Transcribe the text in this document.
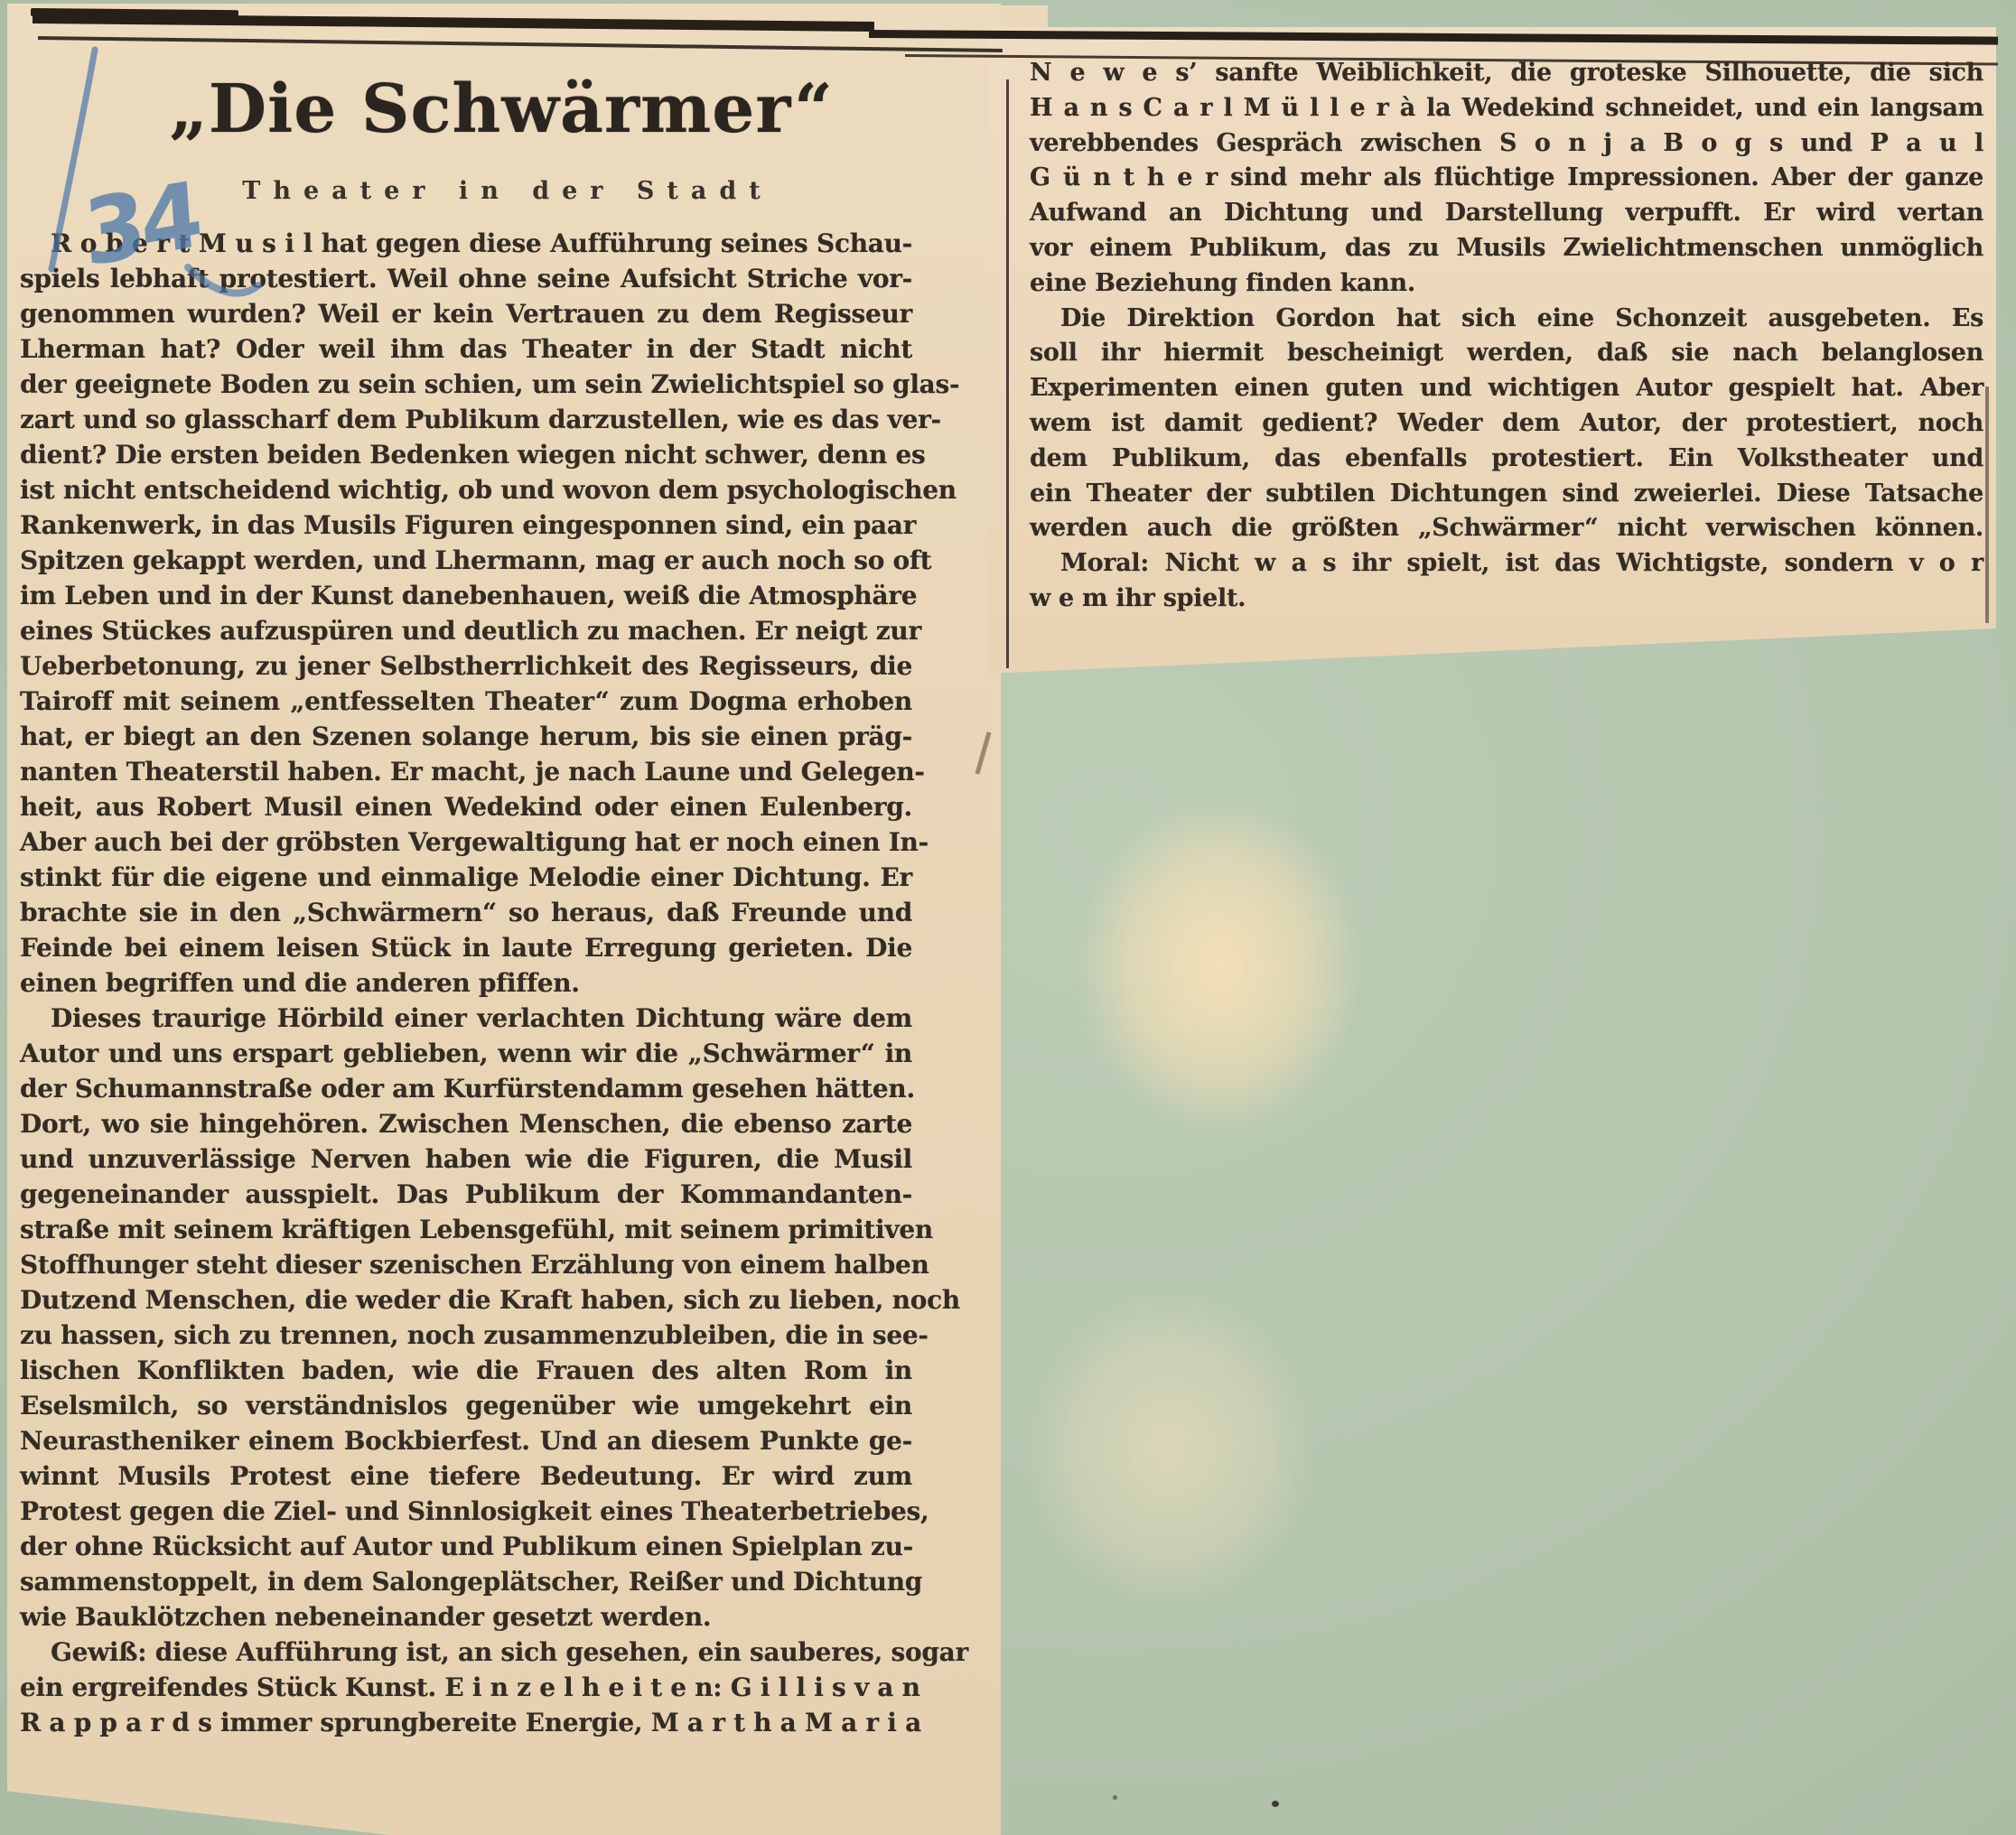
„Die Schwärmer“
Theater in der Stadt
R o b e r t M u s i l hat gegen diese Aufführung seines Schau-
spiels lebhaft protestiert. Weil ohne seine Aufsicht Striche vor-
genommen wurden? Weil er kein Vertrauen zu dem Regisseur
Lherman hat? Oder weil ihm das Theater in der Stadt nicht
der geeignete Boden zu sein schien, um sein Zwielichtspiel so glas-
zart und so glasscharf dem Publikum darzustellen, wie es das ver-
dient? Die ersten beiden Bedenken wiegen nicht schwer, denn es
ist nicht entscheidend wichtig, ob und wovon dem psychologischen
Rankenwerk, in das Musils Figuren eingesponnen sind, ein paar
Spitzen gekappt werden, und Lhermann, mag er auch noch so oft
im Leben und in der Kunst danebenhauen, weiß die Atmosphäre
eines Stückes aufzuspüren und deutlich zu machen. Er neigt zur
Ueberbetonung, zu jener Selbstherrlichkeit des Regisseurs, die
Tairoff mit seinem „entfesselten Theater“ zum Dogma erhoben
hat, er biegt an den Szenen solange herum, bis sie einen präg-
nanten Theaterstil haben. Er macht, je nach Laune und Gelegen-
heit, aus Robert Musil einen Wedekind oder einen Eulenberg.
Aber auch bei der gröbsten Vergewaltigung hat er noch einen In-
stinkt für die eigene und einmalige Melodie einer Dichtung. Er
brachte sie in den „Schwärmern“ so heraus, daß Freunde und
Feinde bei einem leisen Stück in laute Erregung gerieten. Die
einen begriffen und die anderen pfiffen.
Dieses traurige Hörbild einer verlachten Dichtung wäre dem
Autor und uns erspart geblieben, wenn wir die „Schwärmer“ in
der Schumannstraße oder am Kurfürstendamm gesehen hätten.
Dort, wo sie hingehören. Zwischen Menschen, die ebenso zarte
und unzuverlässige Nerven haben wie die Figuren, die Musil
gegeneinander ausspielt. Das Publikum der Kommandanten-
straße mit seinem kräftigen Lebensgefühl, mit seinem primitiven
Stoffhunger steht dieser szenischen Erzählung von einem halben
Dutzend Menschen, die weder die Kraft haben, sich zu lieben, noch
zu hassen, sich zu trennen, noch zusammenzubleiben, die in see-
lischen Konflikten baden, wie die Frauen des alten Rom in
Eselsmilch, so verständnislos gegenüber wie umgekehrt ein
Neurastheniker einem Bockbierfest. Und an diesem Punkte ge-
winnt Musils Protest eine tiefere Bedeutung. Er wird zum
Protest gegen die Ziel- und Sinnlosigkeit eines Theaterbetriebes,
der ohne Rücksicht auf Autor und Publikum einen Spielplan zu-
sammenstoppelt, in dem Salongeplätscher, Reißer und Dichtung
wie Bauklötzchen nebeneinander gesetzt werden.
Gewiß: diese Aufführung ist, an sich gesehen, ein sauberes, sogar
ein ergreifendes Stück Kunst. E i n z e l h e i t e n: G i l l i s v a n
R a p p a r d s immer sprungbereite Energie, M a r t h a M a r i a
N e w e s’ sanfte Weiblichkeit, die groteske Silhouette, die sich
H a n s C a r l M ü l l e r à la Wedekind schneidet, und ein langsam
verebbendes Gespräch zwischen S o n j a B o g s und P a u l
G ü n t h e r sind mehr als flüchtige Impressionen. Aber der ganze
Aufwand an Dichtung und Darstellung verpufft. Er wird vertan
vor einem Publikum, das zu Musils Zwielichtmenschen unmöglich
eine Beziehung finden kann.
Die Direktion Gordon hat sich eine Schonzeit ausgebeten. Es
soll ihr hiermit bescheinigt werden, daß sie nach belanglosen
Experimenten einen guten und wichtigen Autor gespielt hat. Aber
wem ist damit gedient? Weder dem Autor, der protestiert, noch
dem Publikum, das ebenfalls protestiert. Ein Volkstheater und
ein Theater der subtilen Dichtungen sind zweierlei. Diese Tatsache
werden auch die größten „Schwärmer“ nicht verwischen können.
Moral: Nicht w a s ihr spielt, ist das Wichtigste, sondern v o r
w e m ihr spielt.
34
